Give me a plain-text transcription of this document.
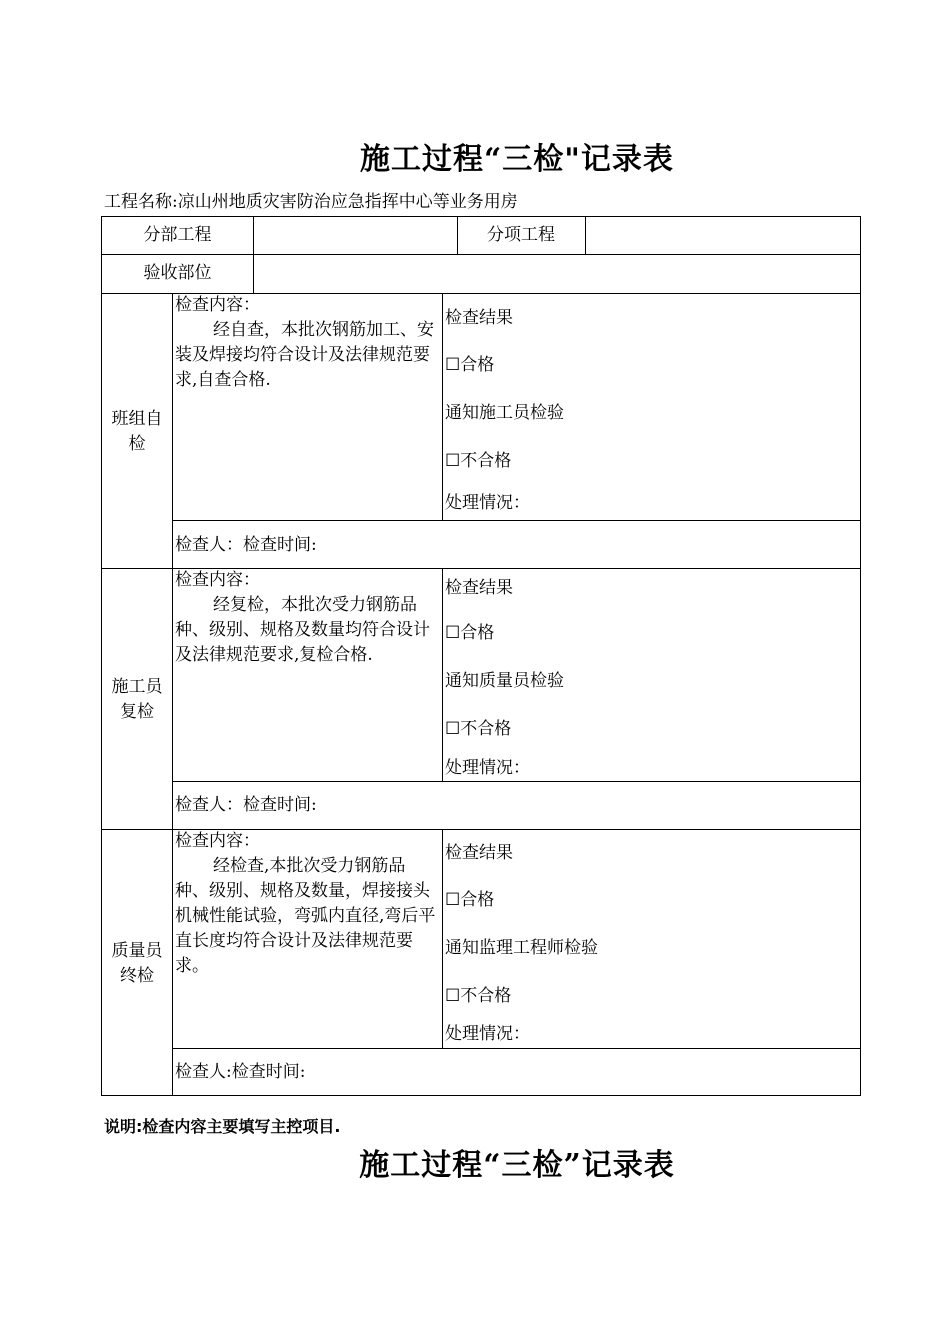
施工过程“三检"记录表
工程名称:凉山州地质灾害防治应急指挥中心等业务用房
分部工程	分项工程
验收部位
班组自
检
检查内容：
经自查，本批次钢筋加工、安装及焊接均符合设计及法律规范要求,自查合格.
检查结果
☐合格
通知施工员检验
☐不合格
处理情况：
检查人：检查时间:
施工员
复检
检查内容：
经复检，本批次受力钢筋品种、级别、规格及数量均符合设计及法律规范要求,复检合格.
检查结果
☐合格
通知质量员检验
☐不合格
处理情况：
检查人：检查时间:
质量员
终检
检查内容：
经检查,本批次受力钢筋品种、级别、规格及数量，焊接接头机械性能试验，弯弧内直径,弯后平直长度均符合设计及法律规范要求。
检查结果
☐合格
通知监理工程师检验
☐不合格
处理情况：
检查人:检查时间:
说明:检查内容主要填写主控项目.
施工过程“三检”记录表
